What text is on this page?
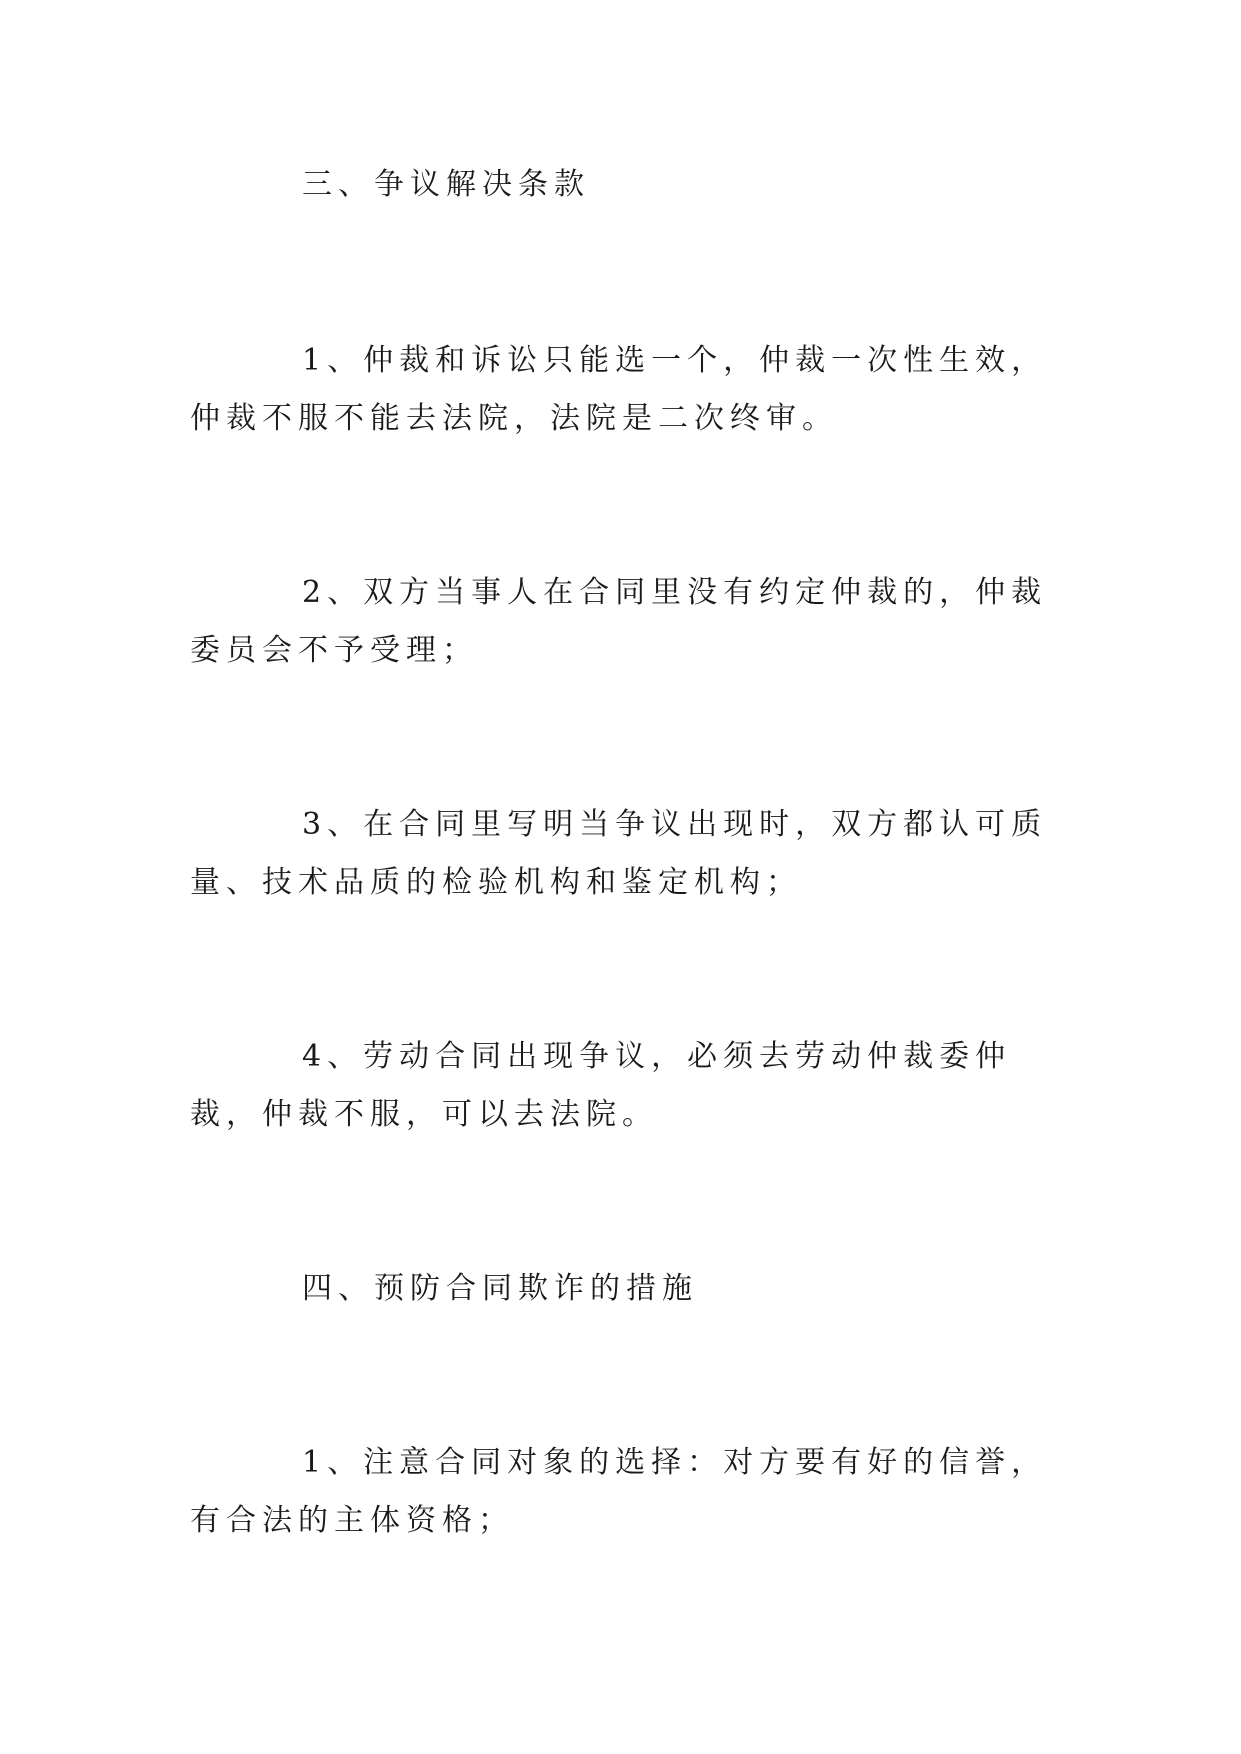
三、争议解决条款

1、仲裁和诉讼只能选一个，仲裁一次性生效，仲裁不服不能去法院，法院是二次终审。

2、双方当事人在合同里没有约定仲裁的，仲裁委员会不予受理；

3、在合同里写明当争议出现时，双方都认可质量、技术品质的检验机构和鉴定机构；

4、劳动合同出现争议，必须去劳动仲裁委仲裁，仲裁不服，可以去法院。

四、预防合同欺诈的措施

1、注意合同对象的选择：对方要有好的信誉，有合法的主体资格；
